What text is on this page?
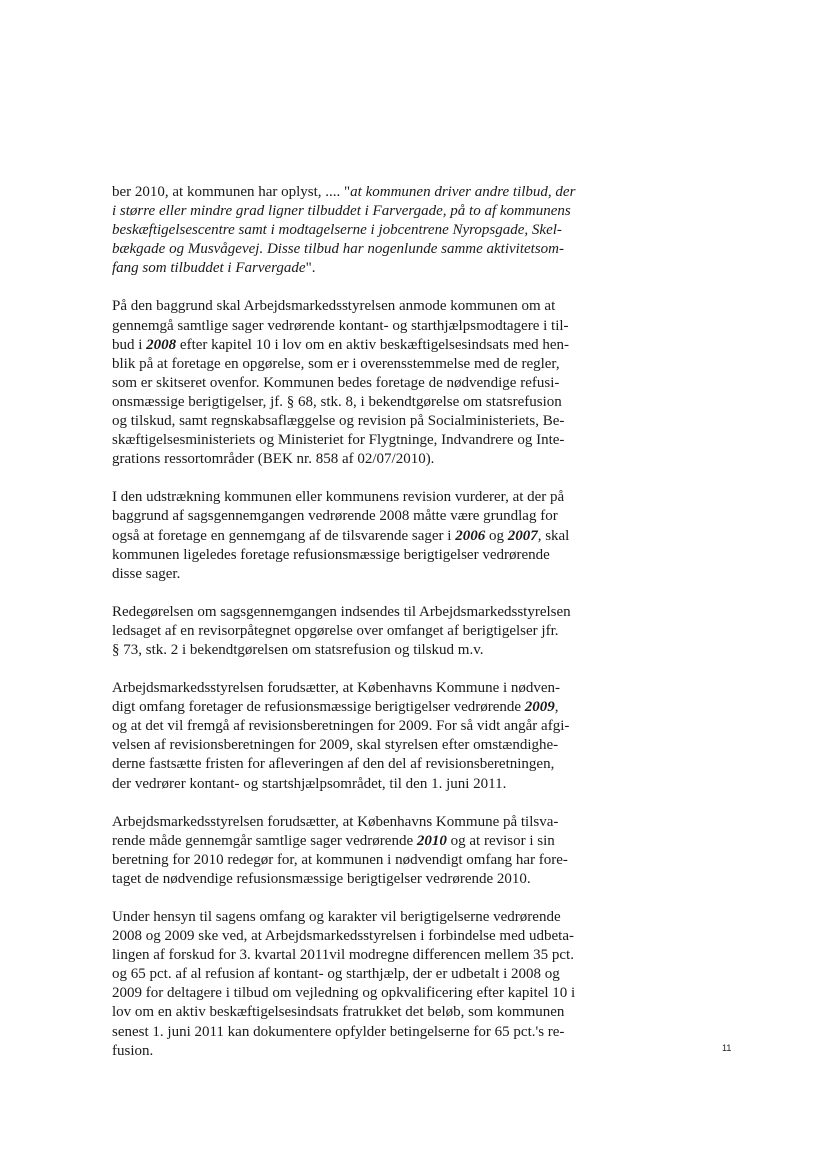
ber 2010, at kommunen har oplyst, .... "at kommunen driver andre tilbud, der
i større eller mindre grad ligner tilbuddet i Farvergade, på to af kommunens
beskæftigelsescentre samt i modtagelserne i jobcentrene Nyropsgade, Skel-
bækgade og Musvågevej. Disse tilbud har nogenlunde samme aktivitetsom-
fang som tilbuddet i Farvergade".

På den baggrund skal Arbejdsmarkedsstyrelsen anmode kommunen om at
gennemgå samtlige sager vedrørende kontant- og starthjælpsmodtagere i til-
bud i 2008 efter kapitel 10 i lov om en aktiv beskæftigelsesindsats med hen-
blik på at foretage en opgørelse, som er i overensstemmelse med de regler,
som er skitseret ovenfor. Kommunen bedes foretage de nødvendige refusi-
onsmæssige berigtigelser, jf. § 68, stk. 8, i bekendtgørelse om statsrefusion
og tilskud, samt regnskabsaflæggelse og revision på Socialministeriets, Be-
skæftigelsesministeriets og Ministeriet for Flygtninge, Indvandrere og Inte-
grations ressortområder (BEK nr. 858 af 02/07/2010).

I den udstrækning kommunen eller kommunens revision vurderer, at der på
baggrund af sagsgennemgangen vedrørende 2008 måtte være grundlag for
også at foretage en gennemgang af de tilsvarende sager i 2006 og 2007, skal
kommunen ligeledes foretage refusionsmæssige berigtigelser vedrørende
disse sager.

Redegørelsen om sagsgennemgangen indsendes til Arbejdsmarkedsstyrelsen
ledsaget af en revisorpåtegnet opgørelse over omfanget af berigtigelser jfr.
§ 73, stk. 2 i bekendtgørelsen om statsrefusion og tilskud m.v.

Arbejdsmarkedsstyrelsen forudsætter, at Københavns Kommune i nødven-
digt omfang foretager de refusionsmæssige berigtigelser vedrørende 2009,
og at det vil fremgå af revisionsberetningen for 2009. For så vidt angår afgi-
velsen af revisionsberetningen for 2009, skal styrelsen efter omstændighe-
derne fastsætte fristen for afleveringen af den del af revisionsberetningen,
der vedrører kontant- og startshjælpsområdet, til den 1. juni 2011.

Arbejdsmarkedsstyrelsen forudsætter, at Københavns Kommune på tilsva-
rende måde gennemgår samtlige sager vedrørende 2010 og at revisor i sin
beretning for 2010 redegør for, at kommunen i nødvendigt omfang har fore-
taget de nødvendige refusionsmæssige berigtigelser vedrørende 2010.

Under hensyn til sagens omfang og karakter vil berigtigelserne vedrørende
2008 og 2009 ske ved, at Arbejdsmarkedsstyrelsen i forbindelse med udbeta-
lingen af forskud for 3. kvartal 2011vil modregne differencen mellem 35 pct.
og 65 pct. af al refusion af kontant- og starthjælp, der er udbetalt i 2008 og
2009 for deltagere i tilbud om vejledning og opkvalificering efter kapitel 10 i
lov om en aktiv beskæftigelsesindsats fratrukket det beløb, som kommunen
senest 1. juni 2011 kan dokumentere opfylder betingelserne for 65 pct.'s re-
fusion.	11
